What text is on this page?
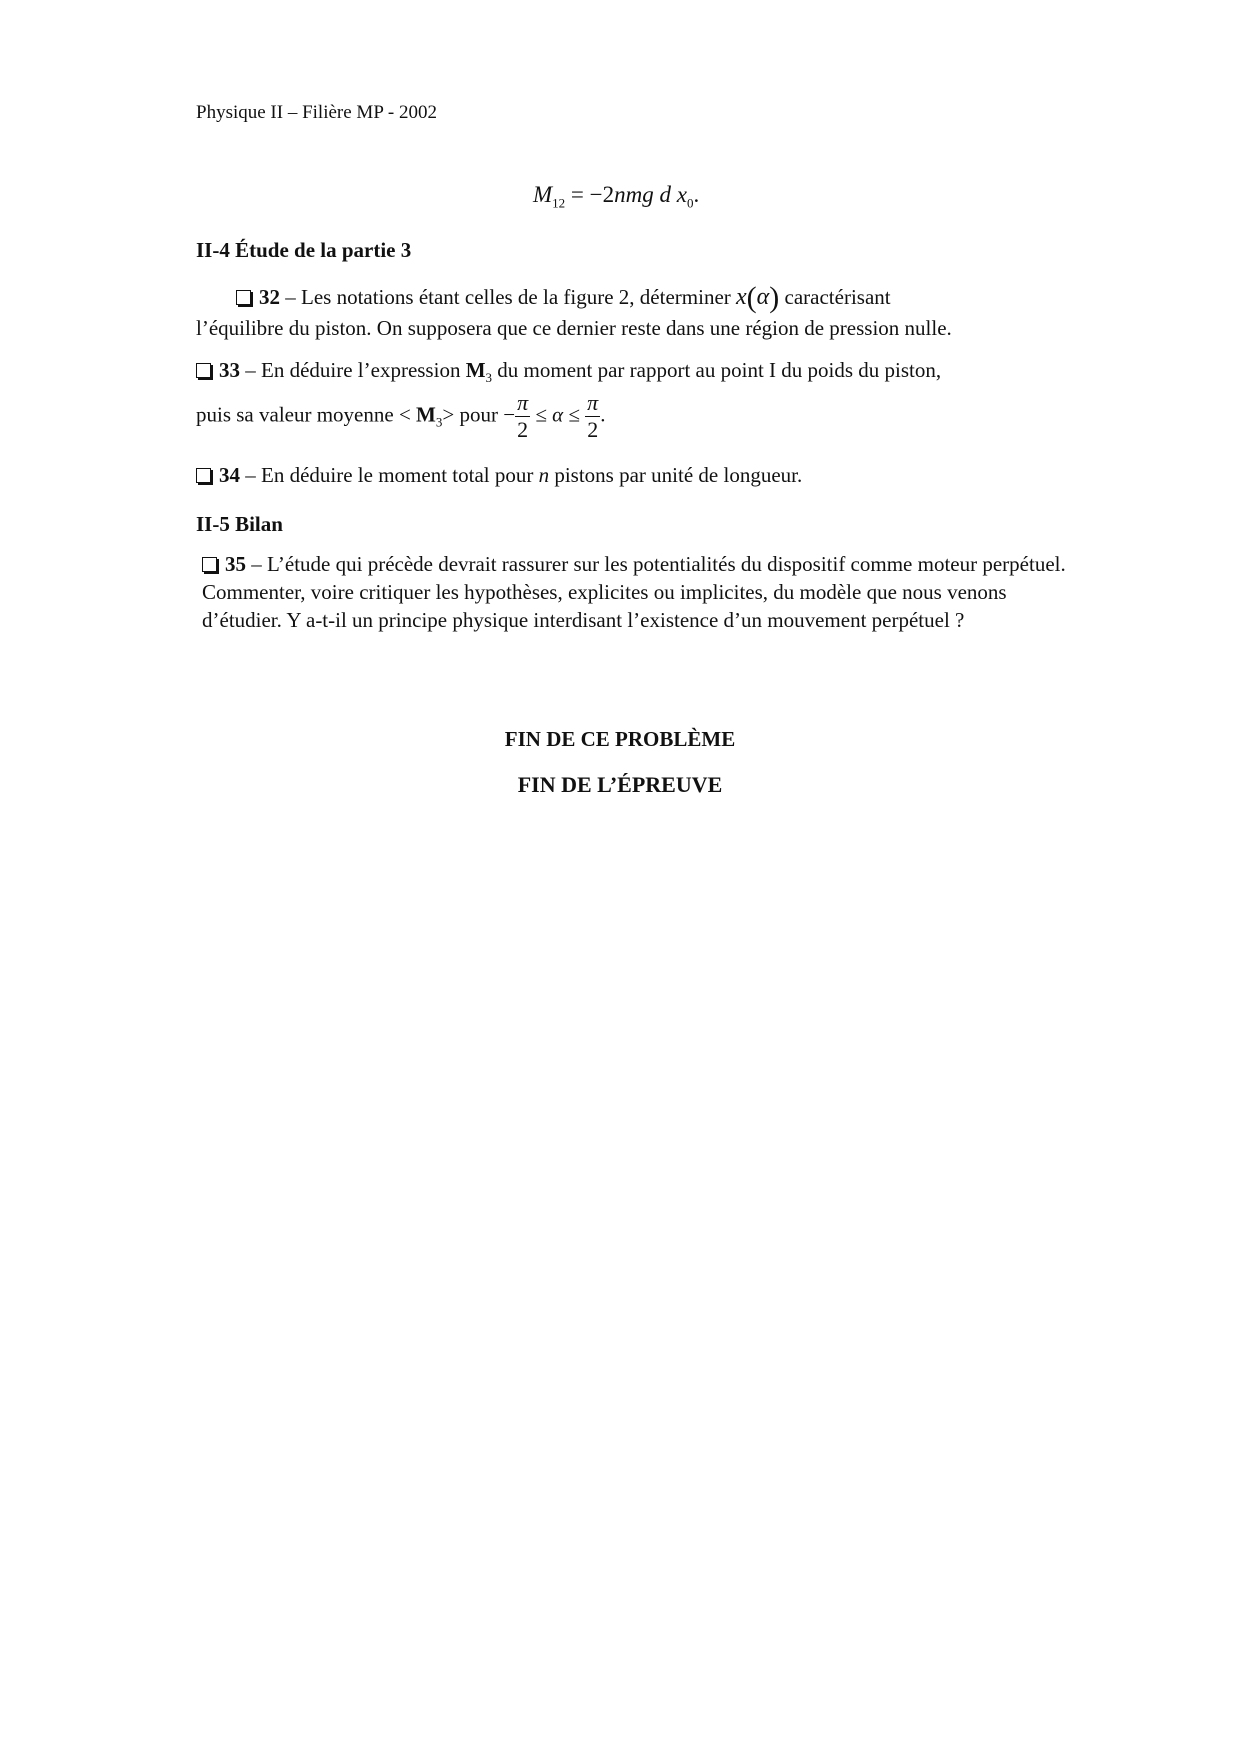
Physique II – Filière MP - 2002
$M_{12} = -2nmg$ d $x_0$.
II-4 Étude de la partie 3
32 – Les notations étant celles de la figure 2, déterminer x(α) caractérisant
l’équilibre du piston. On supposera que ce dernier reste dans une région de pression nulle.
33 – En déduire l’expression $M_3$ du moment par rapport au point I du poids du piston,
puis sa valeur moyenne < $M_3>$ pour − $\frac{\pi}{2} \le \alpha \le \frac{\pi}{2}$ .
34 – En déduire le moment total pour n pistons par unité de longueur.
II-5 Bilan
35 – L’étude qui précède devrait rassurer sur les potentialités du dispositif comme moteur perpétuel. Commenter, voire critiquer les hypothèses, explicites ou implicites, du modèle que nous venons d’étudier. Y a-t-il un principe physique interdisant l’existence d’un mouvement perpétuel ?
FIN DE CE PROBLÈME
FIN DE L’ÉPREUVE
